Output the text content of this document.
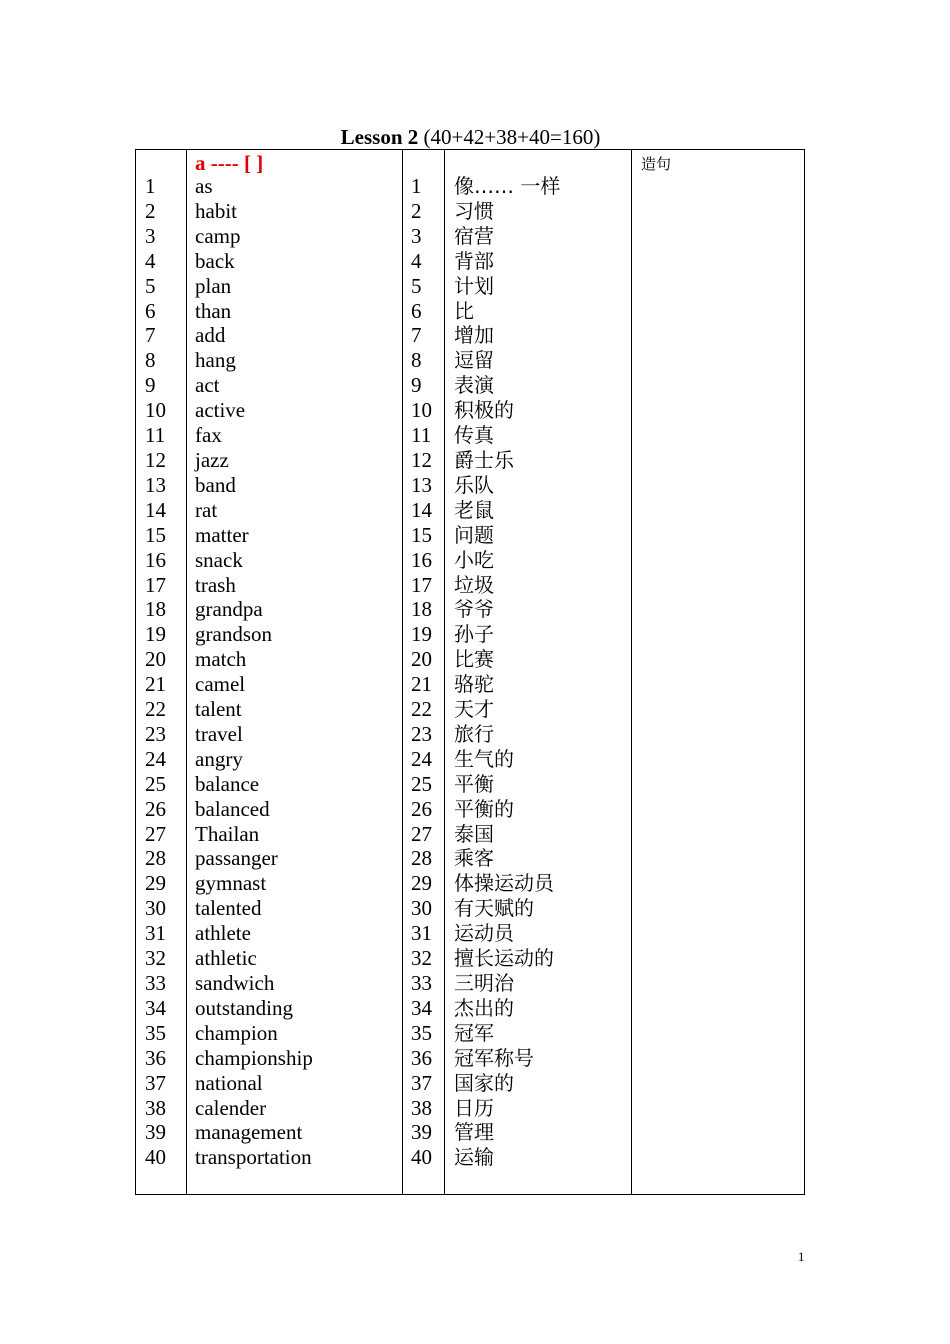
Lesson 2 (40+42+38+40=160)
1
2
3
4
5
6
7
8
9
10
11
12
13
14
15
16
17
18
19
20
21
22
23
24
25
26
27
28
29
30
31
32
33
34
35
36
37
38
39
40
a ---- [ ]
as
habit
camp
back
plan
than
add
hang
act
active
fax
jazz
band
rat
matter
snack
trash
grandpa
grandson
match
camel
talent
travel
angry
balance
balanced
Thailan
passanger
gymnast
talented
athlete
athletic
sandwich
outstanding
champion
championship
national
calender
management
transportation
1
2
3
4
5
6
7
8
9
10
11
12
13
14
15
16
17
18
19
20
21
22
23
24
25
26
27
28
29
30
31
32
33
34
35
36
37
38
39
40
像…… 一样
习惯
宿营
背部
计划
比
增加
逗留
表演
积极的
传真
爵士乐
乐队
老鼠
问题
小吃
垃圾
爷爷
孙子
比赛
骆驼
天才
旅行
生气的
平衡
平衡的
泰国
乘客
体操运动员
有天赋的
运动员
擅长运动的
三明治
杰出的
冠军
冠军称号
国家的
日历
管理
运输
造句
1
